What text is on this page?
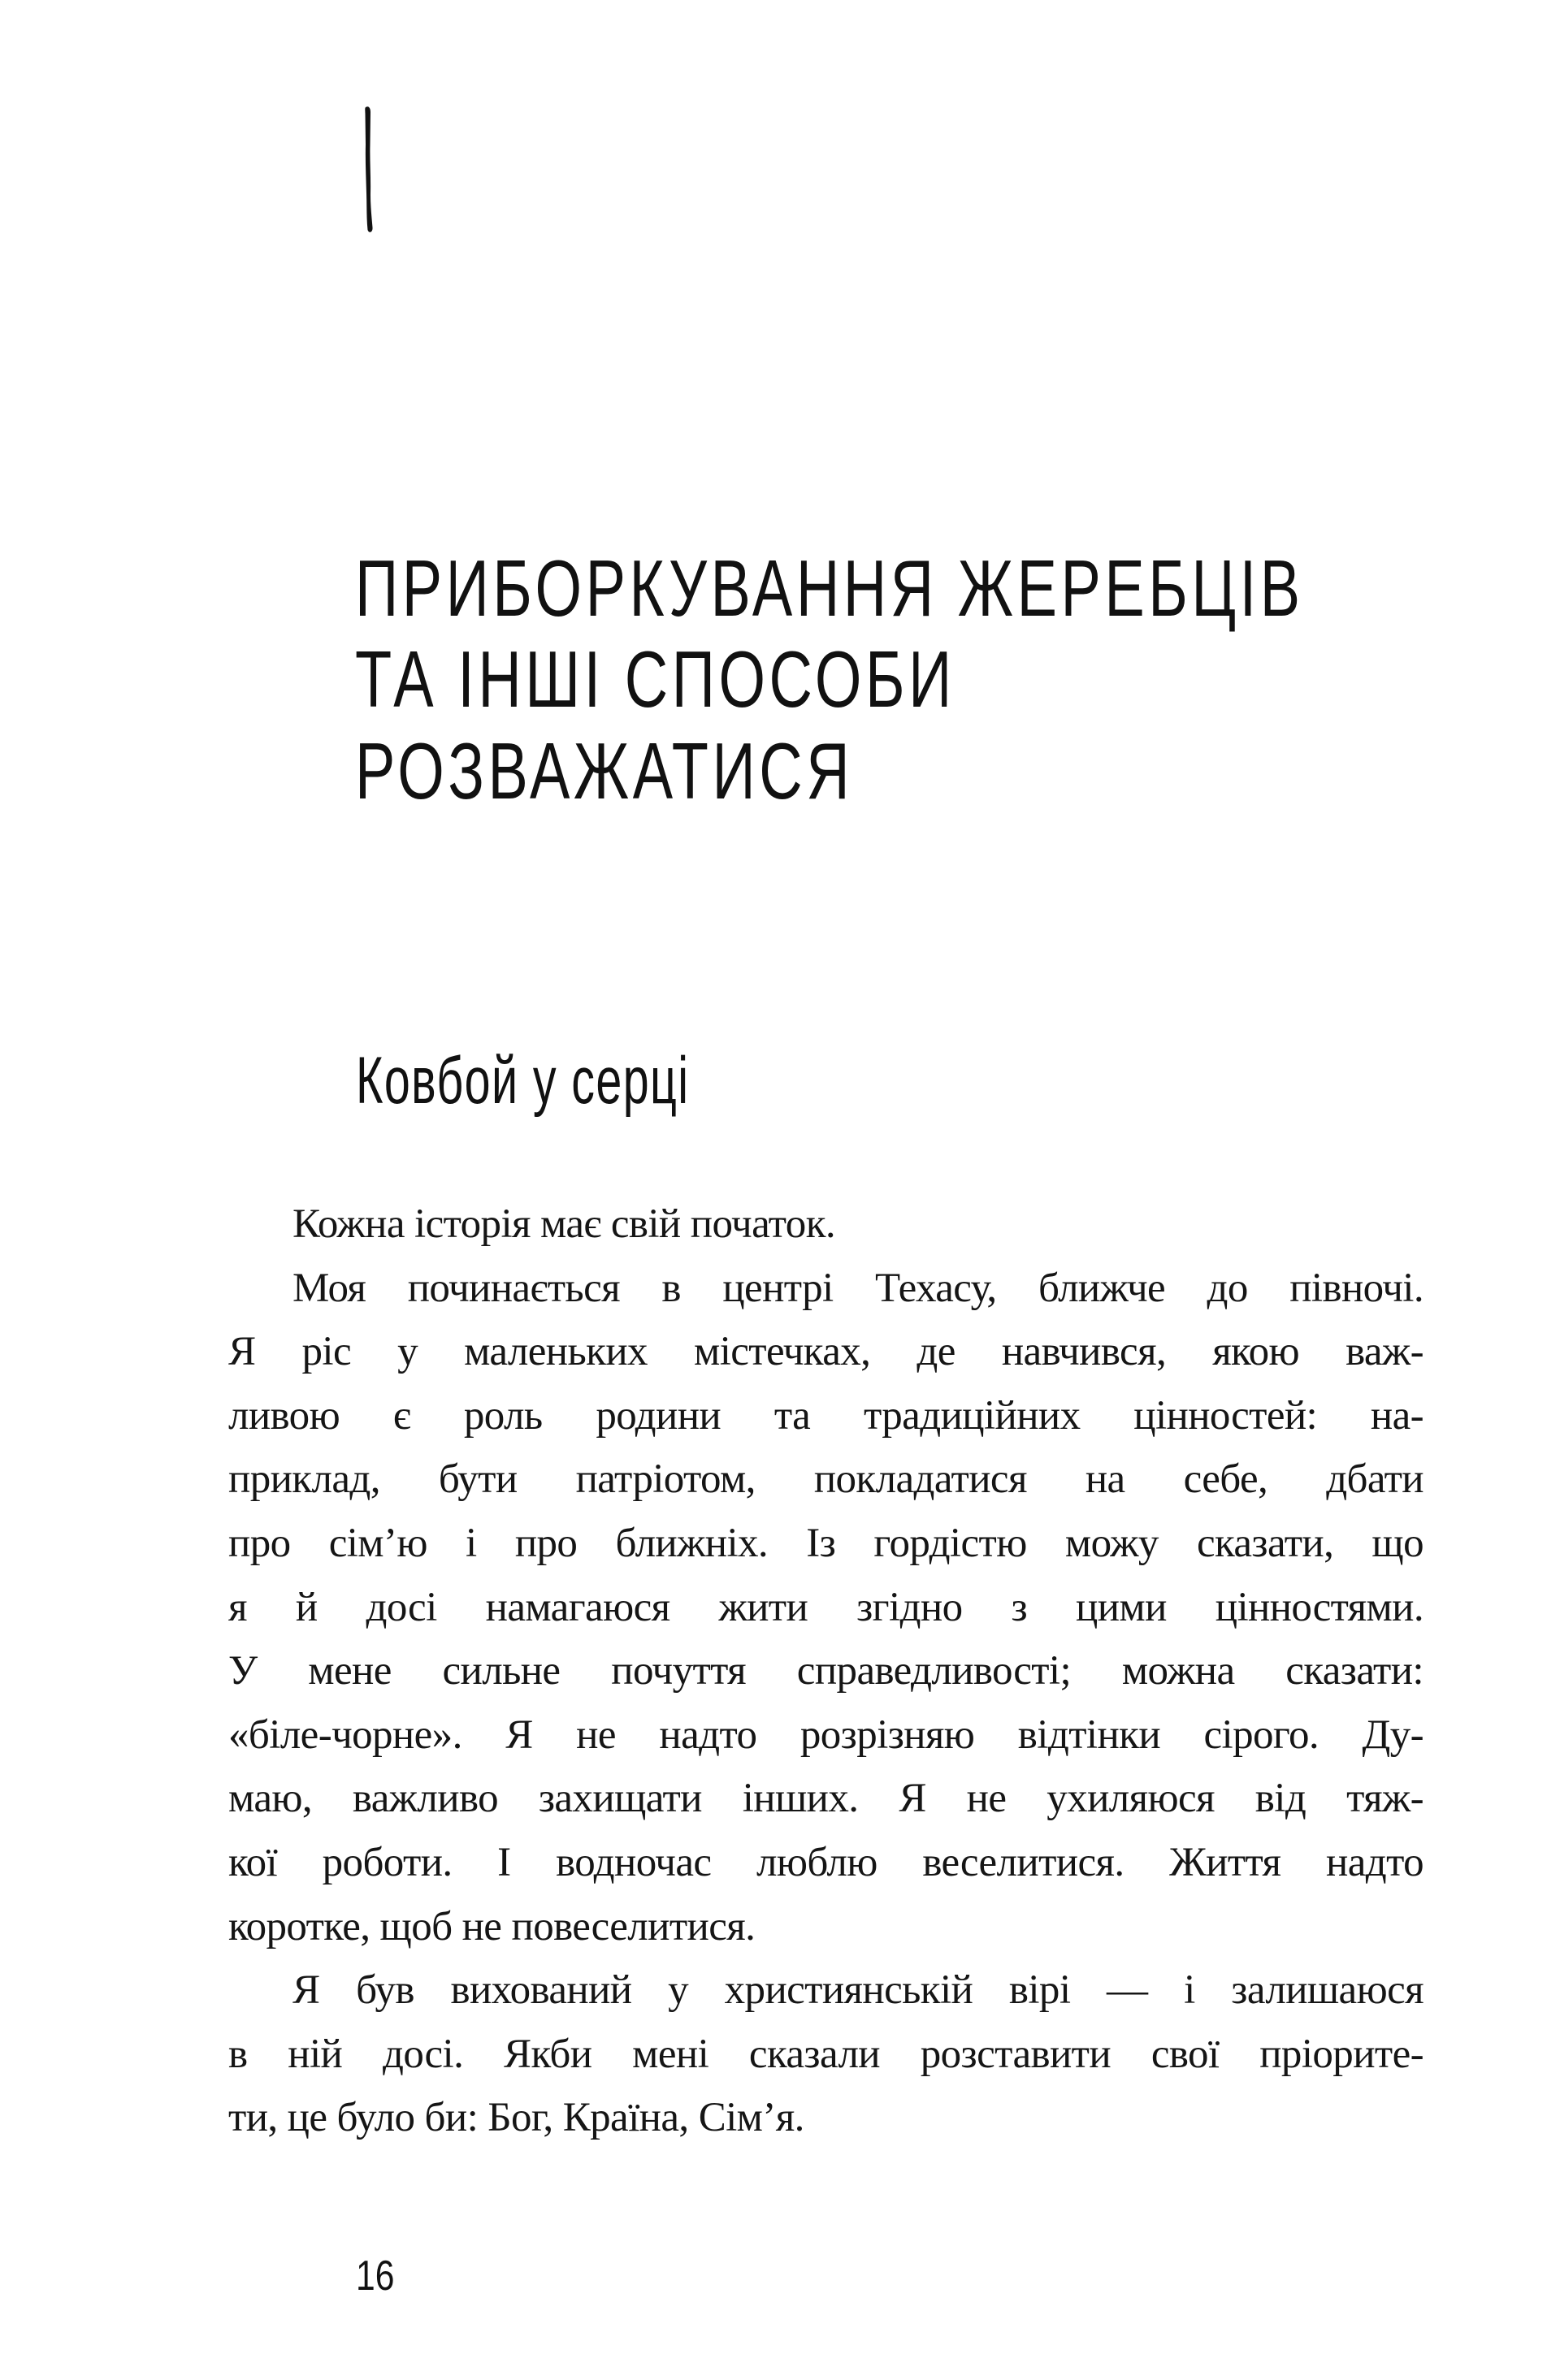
ПРИБОРКУВАННЯ ЖЕРЕБЦІВ
ТА ІНШІ СПОСОБИ
РОЗВАЖАТИСЯ
Ковбой у серці
Кожна історія має свій початок.
Моя починається в центрі Техасу, ближче до півночі.
Я ріс у маленьких містечках, де навчився, якою важ-
ливою є роль родини та традиційних цінностей: на-
приклад, бути патріотом, покладатися на себе, дбати
про сім’ю і про ближніх. Із гордістю можу сказати, що
я й досі намагаюся жити згідно з цими цінностями.
У мене сильне почуття справедливості; можна сказати:
«біле-чорне». Я не надто розрізняю відтінки сірого. Ду-
маю, важливо захищати інших. Я не ухиляюся від тяж-
кої роботи. І водночас люблю веселитися. Життя надто
коротке, щоб не повеселитися.
Я був вихований у християнській вірі — і залишаюся
в ній досі. Якби мені сказали розставити свої пріорите-
ти, це було би: Бог, Країна, Сім’я.
16
